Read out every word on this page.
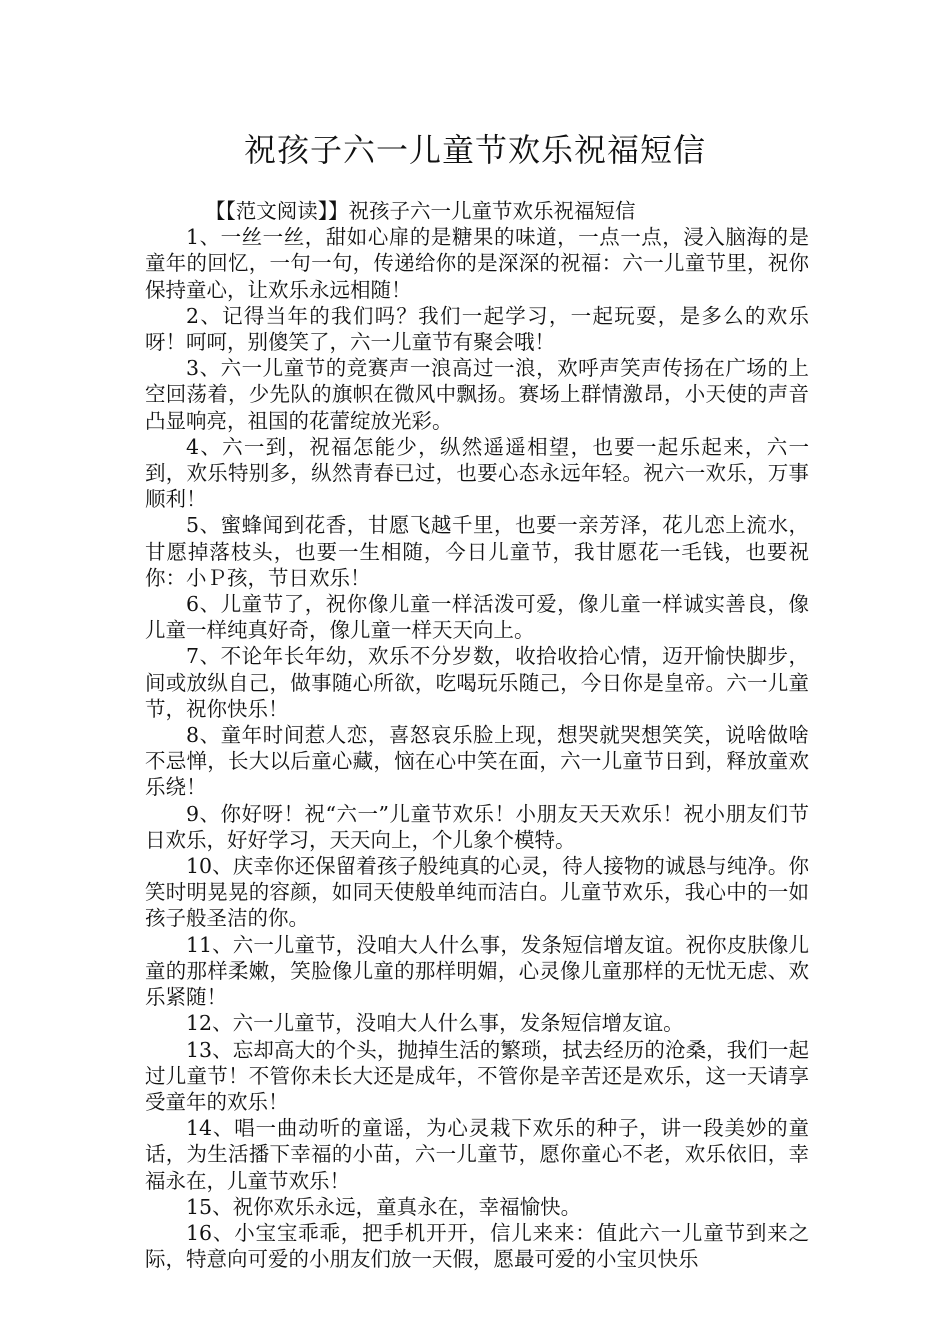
祝孩子六一儿童节欢乐祝福短信

【【范文阅读】】祝孩子六一儿童节欢乐祝福短信

1、一丝一丝，甜如心扉的是糖果的味道，一点一点，浸入脑海的是童年的回忆，一句一句，传递给你的是深深的祝福：六一儿童节里，祝你保持童心，让欢乐永远相随！

2、记得当年的我们吗？我们一起学习，一起玩耍，是多么的欢乐呀！呵呵，别傻笑了，六一儿童节有聚会哦！

3、六一儿童节的竞赛声一浪高过一浪，欢呼声笑声传扬在广场的上空回荡着，少先队的旗帜在微风中飘扬。赛场上群情激昂，小天使的声音凸显响亮，祖国的花蕾绽放光彩。

4、六一到，祝福怎能少，纵然遥遥相望，也要一起乐起来，六一到，欢乐特别多，纵然青春已过，也要心态永远年轻。祝六一欢乐，万事顺利！

5、蜜蜂闻到花香，甘愿飞越千里，也要一亲芳泽，花儿恋上流水，甘愿掉落枝头，也要一生相随，今日儿童节，我甘愿花一毛钱，也要祝你：小Ｐ孩，节日欢乐！

6、儿童节了，祝你像儿童一样活泼可爱，像儿童一样诚实善良，像儿童一样纯真好奇，像儿童一样天天向上。

7、不论年长年幼，欢乐不分岁数，收拾收拾心情，迈开愉快脚步，间或放纵自己，做事随心所欲，吃喝玩乐随己，今日你是皇帝。六一儿童节，祝你快乐！

8、童年时间惹人恋，喜怒哀乐脸上现，想哭就哭想笑笑，说啥做啥不忌惮，长大以后童心藏，恼在心中笑在面，六一儿童节日到，释放童欢乐绕！

9、你好呀！祝“六一”儿童节欢乐！小朋友天天欢乐！祝小朋友们节日欢乐，好好学习，天天向上，个儿象个模特。

10、庆幸你还保留着孩子般纯真的心灵，待人接物的诚恳与纯净。你笑时明晃晃的容颜，如同天使般单纯而洁白。儿童节欢乐，我心中的一如孩子般圣洁的你。

11、六一儿童节，没咱大人什么事，发条短信增友谊。祝你皮肤像儿童的那样柔嫩，笑脸像儿童的那样明媚，心灵像儿童那样的无忧无虑、欢乐紧随！

12、六一儿童节，没咱大人什么事，发条短信增友谊。

13、忘却高大的个头，抛掉生活的繁琐，拭去经历的沧桑，我们一起过儿童节！不管你未长大还是成年，不管你是辛苦还是欢乐，这一天请享受童年的欢乐！

14、唱一曲动听的童谣，为心灵栽下欢乐的种子，讲一段美妙的童话，为生活播下幸福的小苗，六一儿童节，愿你童心不老，欢乐依旧，幸福永在，儿童节欢乐！

15、祝你欢乐永远，童真永在，幸福愉快。

16、小宝宝乖乖，把手机开开，信儿来来：值此六一儿童节到来之际，特意向可爱的小朋友们放一天假，愿最可爱的小宝贝快乐
